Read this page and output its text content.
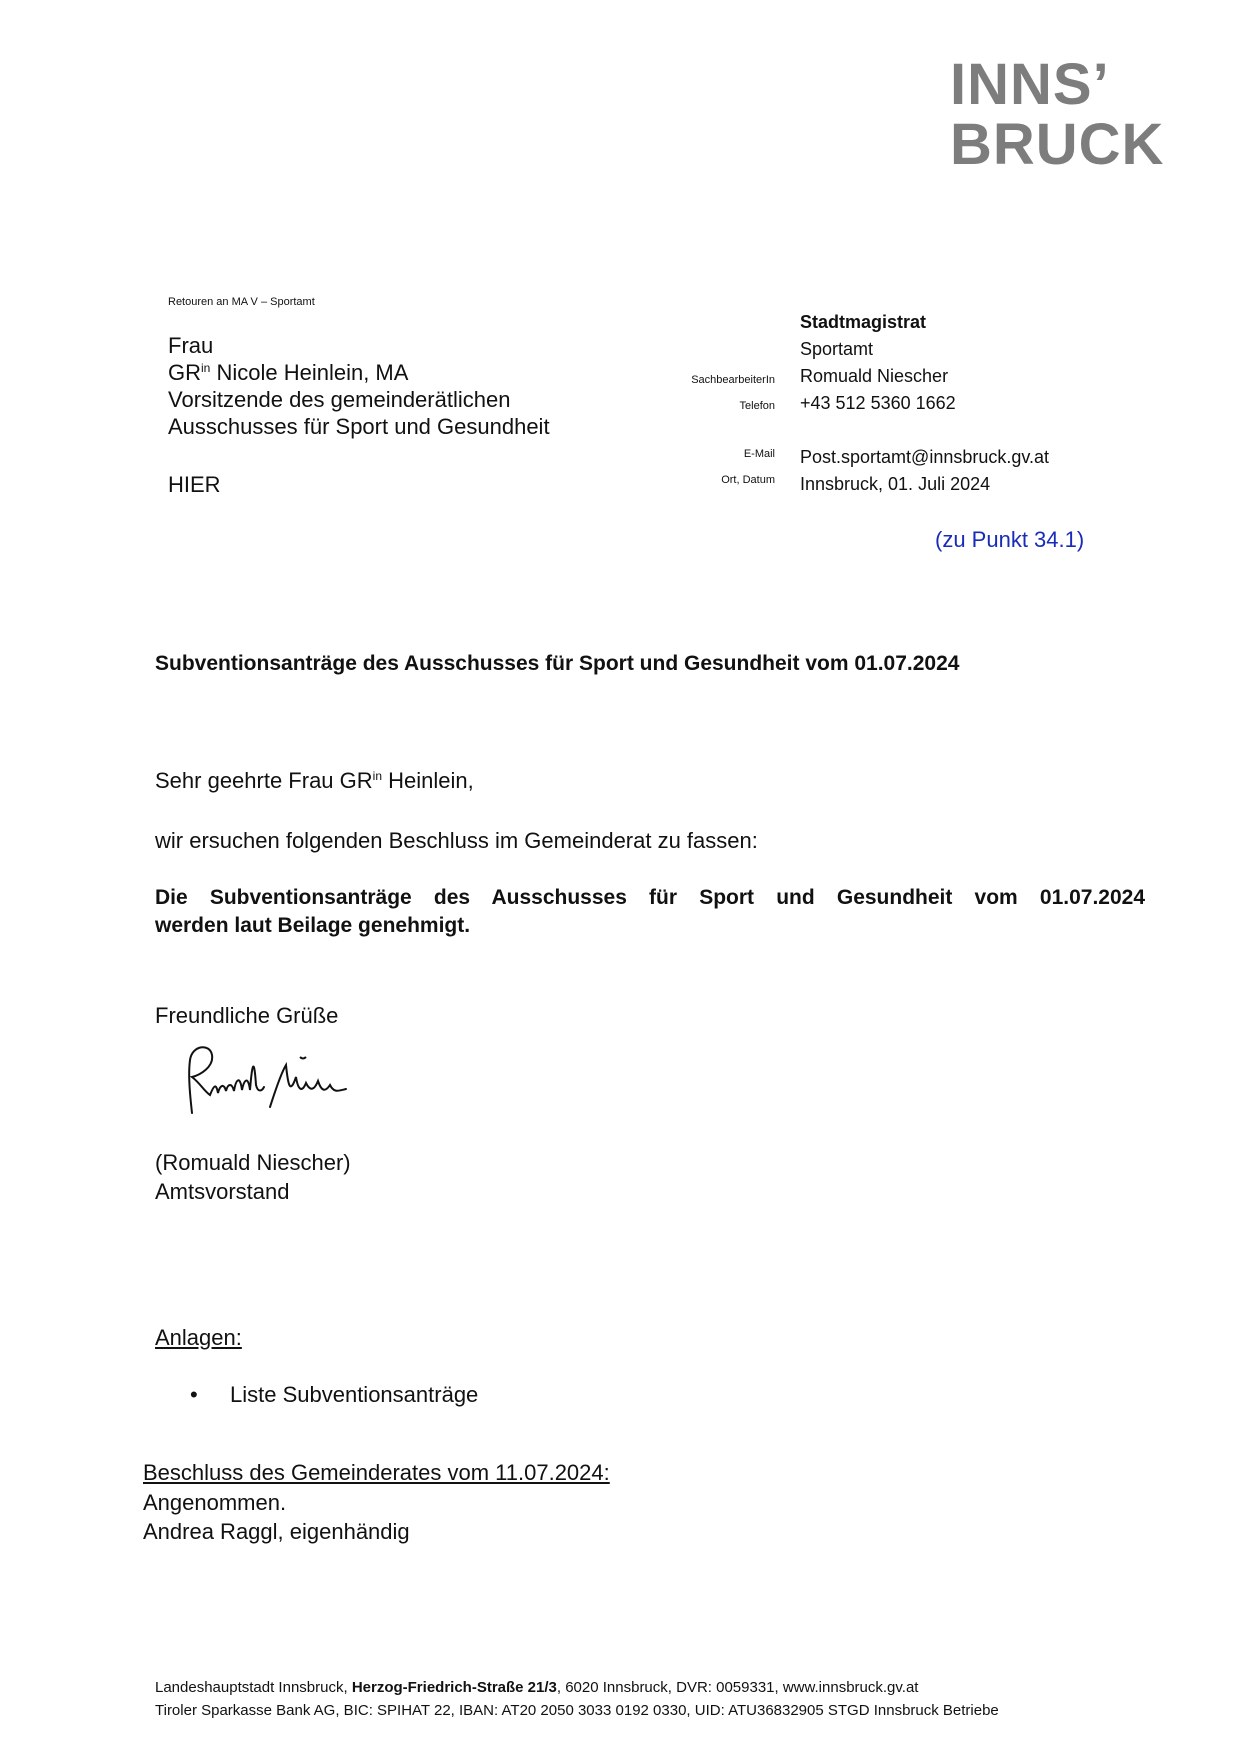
INNS’
BRUCK
Retouren an MA V – Sportamt
Frau
$GR^{in}$ Nicole Heinlein, MA
Vorsitzende des gemeinderätlichen
Ausschusses für Sport und Gesundheit
HIER
SachbearbeiterIn
Telefon
E-Mail
Ort, Datum
Stadtmagistrat
Sportamt
Romuald Niescher
+43 512 5360 1662
Post.sportamt@innsbruck.gv.at
Innsbruck, 01. Juli 2024
(zu Punkt 34.1)
Subventionsanträge des Ausschusses für Sport und Gesundheit vom 01.07.2024
Sehr geehrte Frau $GR^{in}$ Heinlein,
wir ersuchen folgenden Beschluss im Gemeinderat zu fassen:
Die Subventionsanträge des Ausschusses für Sport und Gesundheit vom 01.07.2024
werden laut Beilage genehmigt.
Freundliche Grüße
(Romuald Niescher)
Amtsvorstand
Anlagen:
• Liste Subventionsanträge
Beschluss des Gemeinderates vom 11.07.2024:
Angenommen.
Andrea Raggl, eigenhändig
Landeshauptstadt Innsbruck, Herzog-Friedrich-Straße 21/3, 6020 Innsbruck, DVR: 0059331, www.innsbruck.gv.at
Tiroler Sparkasse Bank AG, BIC: SPIHAT 22, IBAN: AT20 2050 3033 0192 0330, UID: ATU36832905 STGD Innsbruck Betriebe
